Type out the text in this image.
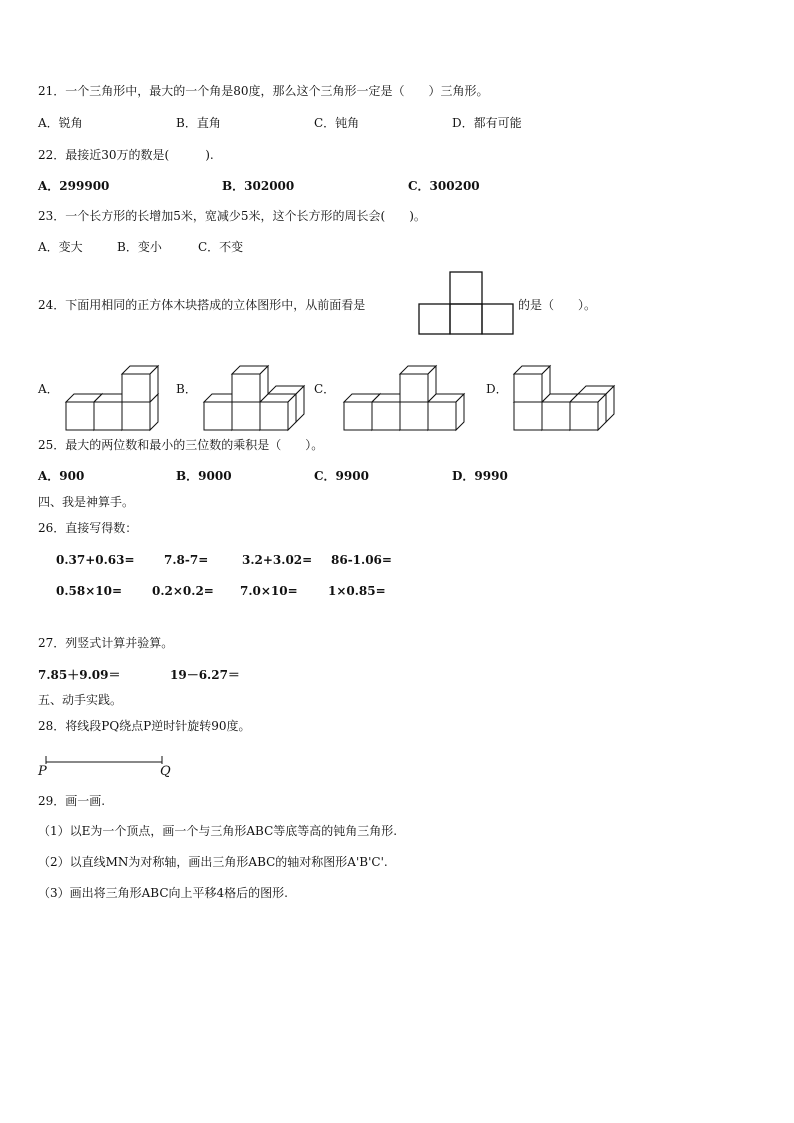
21．一个三角形中，最大的一个角是80度，那么这个三角形一定是（　　）三角形。
A．锐角	B．直角	C．钝角	D．都有可能
22．最接近30万的数是(　　　).
A．299900	B．302000	C．300200
23．一个长方形的长增加5米，宽减少5米，这个长方形的周长会(　　)。
A．变大	B．变小	C．不变
24．下面用相同的正方体木块搭成的立体图形中，从前面看是	的是（　　）。
A．	B．	C．	D．
25．最大的两位数和最小的三位数的乘积是（　　）。
A．900	B．9000	C．9900	D．9990
四、我是神算手。
26．直接写得数：
0.37+0.63= 7.8-7=	3.2+3.02= 86-1.06=
0.58×10= 0.2×0.2= 7.0×10=	1×0.85=
27．列竖式计算并验算。
7.85＋9.09＝	19－6.27＝
五、动手实践。
28．将线段PQ绕点P逆时针旋转90度。
P	Q
29．画一画.
（1）以E为一个顶点，画一个与三角形ABC等底等高的钝角三角形.
（2）以直线MN为对称轴，画出三角形ABC的轴对称图形A'B'C'.
（3）画出将三角形ABC向上平移4格后的图形.
